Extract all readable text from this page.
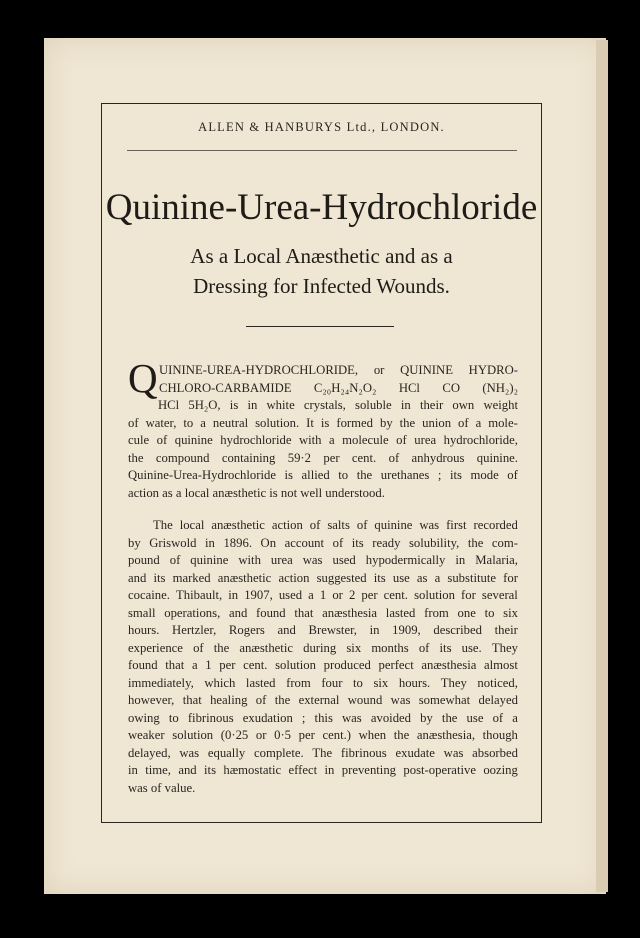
ALLEN & HANBURYS Ltd., LONDON.
Quinine-Urea-Hydrochloride
As a Local Anæsthetic and as a
Dressing for Infected Wounds.
Q UININE-UREA-HYDROCHLORIDE, or QUININE HYDRO-
CHLORO-CARBAMIDE C₂₀H₂₄N₂O₂ HCl CO (NH₂)₂
HCl 5H₂O, is in white crystals, soluble in their own weight
of water, to a neutral solution. It is formed by the union of a mole-
cule of quinine hydrochloride with a molecule of urea hydrochloride,
the compound containing 59·2 per cent. of anhydrous quinine.
Quinine-Urea-Hydrochloride is allied to the urethanes ; its mode of
action as a local anæsthetic is not well understood.
The local anæsthetic action of salts of quinine was first recorded
by Griswold in 1896. On account of its ready solubility, the com-
pound of quinine with urea was used hypodermically in Malaria,
and its marked anæsthetic action suggested its use as a substitute for
cocaine. Thibault, in 1907, used a 1 or 2 per cent. solution for several
small operations, and found that anæsthesia lasted from one to six
hours. Hertzler, Rogers and Brewster, in 1909, described their
experience of the anæsthetic during six months of its use. They
found that a 1 per cent. solution produced perfect anæsthesia almost
immediately, which lasted from four to six hours. They noticed,
however, that healing of the external wound was somewhat delayed
owing to fibrinous exudation ; this was avoided by the use of a
weaker solution (0·25 or 0·5 per cent.) when the anæsthesia, though
delayed, was equally complete. The fibrinous exudate was absorbed
in time, and its hæmostatic effect in preventing post-operative oozing
was of value.
